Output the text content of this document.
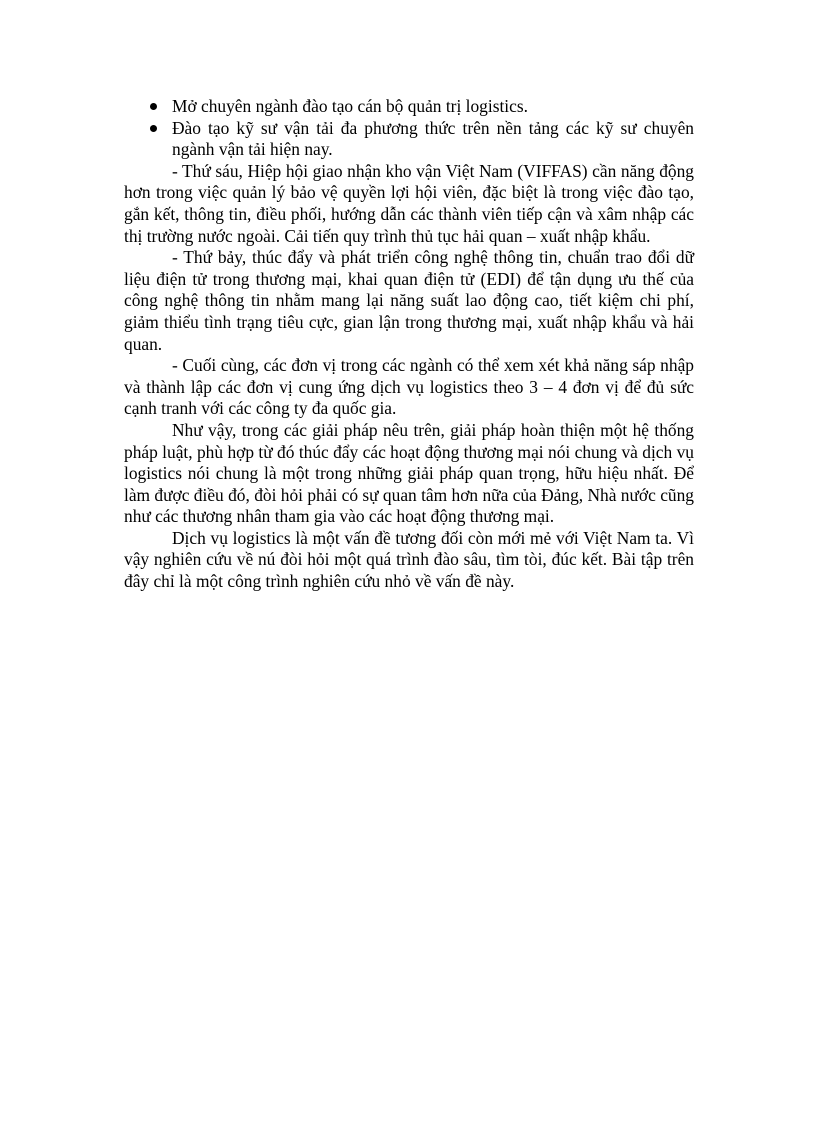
Mở chuyên ngành đào tạo cán bộ quản trị logistics.
Đào tạo kỹ sư vận tải đa phương thức trên nền tảng các kỹ sư chuyên ngành vận tải hiện nay.

- Thứ sáu, Hiệp hội giao nhận kho vận Việt Nam (VIFFAS) cần năng động hơn trong việc quản lý bảo vệ quyền lợi hội viên, đặc biệt là trong việc đào tạo, gắn kết, thông tin, điều phối, hướng dẫn các thành viên tiếp cận và xâm nhập các thị trường nước ngoài. Cải tiến quy trình thủ tục hải quan – xuất nhập khẩu.

- Thứ bảy, thúc đẩy và phát triển công nghệ thông tin, chuẩn trao đổi dữ liệu điện tử trong thương mại, khai quan điện tử (EDI) để tận dụng ưu thế của công nghệ thông tin nhằm mang lại năng suất lao động cao, tiết kiệm chi phí, giảm thiểu tình trạng tiêu cực, gian lận trong thương mại, xuất nhập khẩu và hải quan.

- Cuối cùng, các đơn vị trong các ngành có thể xem xét khả năng sáp nhập và thành lập các đơn vị cung ứng dịch vụ logistics theo 3 – 4 đơn vị để đủ sức cạnh tranh với các công ty đa quốc gia.

Như vậy, trong các giải pháp nêu trên, giải pháp hoàn thiện một hệ thống pháp luật, phù hợp từ đó thúc đẩy các hoạt động thương mại nói chung và dịch vụ logistics nói chung là một trong những giải pháp quan trọng, hữu hiệu nhất. Để làm được điều đó, đòi hỏi phải có sự quan tâm hơn nữa của Đảng, Nhà nước cũng như các thương nhân tham gia vào các hoạt động thương mại.

Dịch vụ logistics là một vấn đề tương đối còn mới mẻ với Việt Nam ta. Vì vậy nghiên cứu về nú đòi hỏi một quá trình đào sâu, tìm tòi, đúc kết. Bài tập trên đây chỉ là một công trình nghiên cứu nhỏ về vấn đề này.
